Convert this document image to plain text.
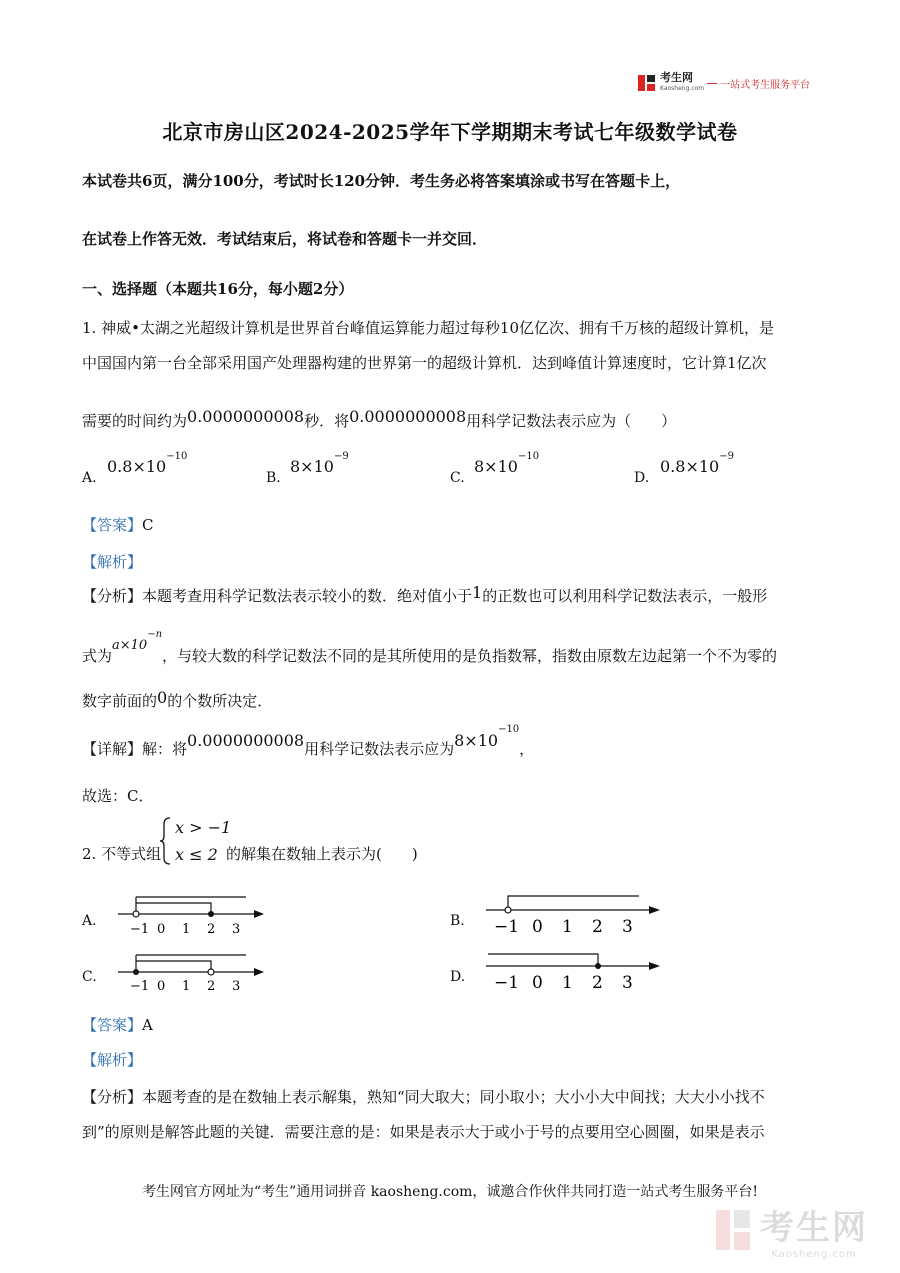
考生网
Kaosheng.com 一站式考生服务平台
北京市房山区2024-2025学年下学期期末考试七年级数学试卷
本试卷共6页，满分100分，考试时长120分钟．考生务必将答案填涂或书写在答题卡上，
在试卷上作答无效．考试结束后，将试卷和答题卡一并交回．
一、选择题（本题共16分，每小题2分）
1. 神威•太湖之光超级计算机是世界首台峰值运算能力超过每秒10亿亿次、拥有千万核的超级计算机，是
中国国内第一台全部采用国产处理器构建的世界第一的超级计算机．达到峰值计算速度时，它计算1亿次
需要的时间约为0.0000000008秒．将0.0000000008用科学记数法表示应为（　　）
A.
$0.8\times 10^{-10}$
B.
$8\times 10^{-9}$
C.
$8\times 10^{-10}$
D.
$0.8\times 10^{-9}$
【答案】C
【解析】
【分析】本题考查用科学记数法表示较小的数．绝对值小于1的正数也可以利用科学记数法表示，一般形
式为$a\times 10^{-n}$，与较大数的科学记数法不同的是其所使用的是负指数幂，指数由原数左边起第一个不为零的
数字前面的0的个数所决定．
【详解】解：将0.0000000008用科学记数法表示应为$8\times 10^{-10}$，
故选：C．
2. 不等式组
x > −1
x ≤ 2 的解集在数轴上表示为(　　)
A.
−1 0 1 2 3
B. −1 0 1 2 3
C.
−1 0 1 2 3
D. −1 0 1 2 3
【答案】A
【解析】
【分析】本题考查的是在数轴上表示解集，熟知“同大取大；同小取小；大小小大中间找；大大小小找不
到”的原则是解答此题的关键．需要注意的是：如果是表示大于或小于号的点要用空心圆圈，如果是表示
考生网官方网址为“考生”通用词拼音 kaosheng.com，诚邀合作伙伴共同打造一站式考生服务平台!
考生网
Kaosheng.com
